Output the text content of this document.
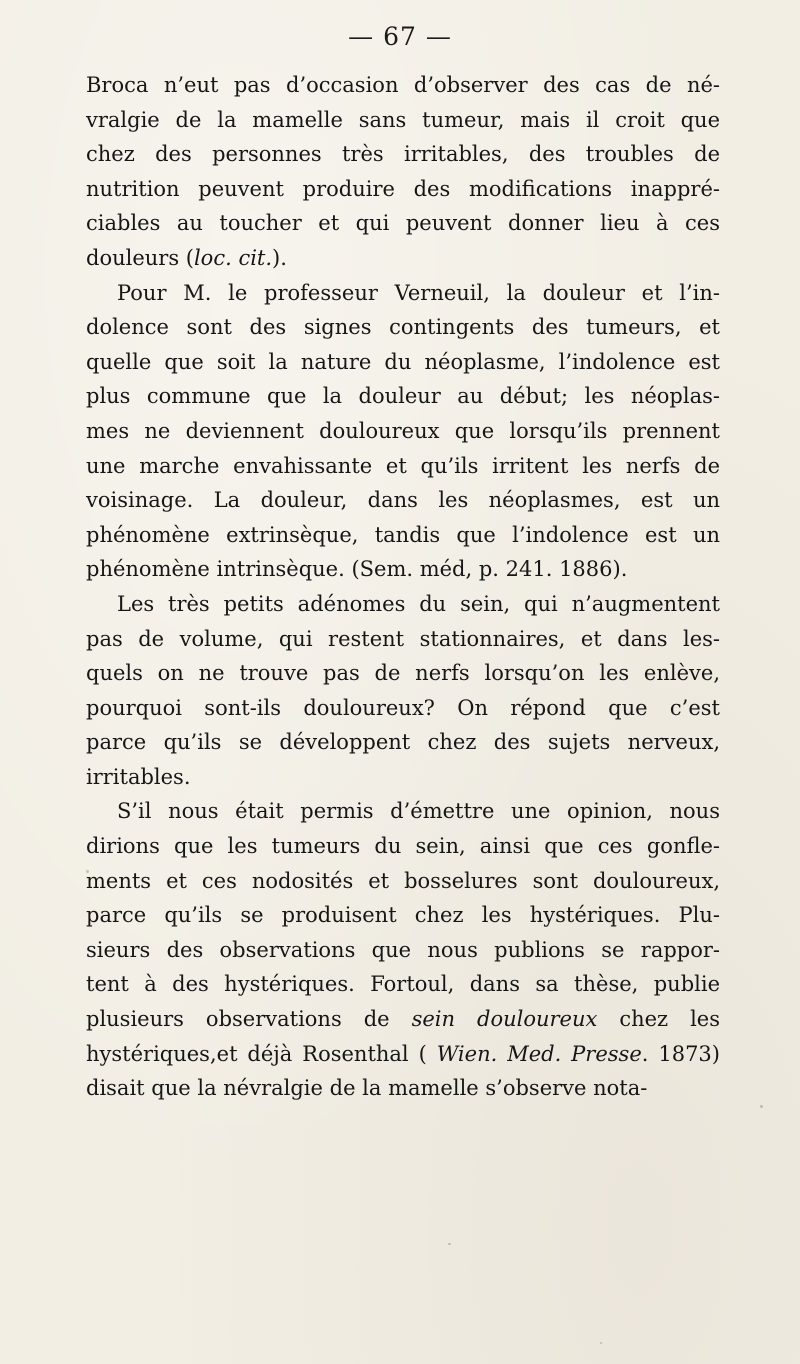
— 67 —
Broca n’eut pas d’occasion d’observer des cas de né-
vralgie de la mamelle sans tumeur, mais il croit que
chez des personnes très irritables, des troubles de
nutrition peuvent produire des modifications inappré-
ciables au toucher et qui peuvent donner lieu à ces
douleurs (loc. cit.).
Pour M. le professeur Verneuil, la douleur et l’in-
dolence sont des signes contingents des tumeurs, et
quelle que soit la nature du néoplasme, l’indolence est
plus commune que la douleur au début; les néoplas-
mes ne deviennent douloureux que lorsqu’ils prennent
une marche envahissante et qu’ils irritent les nerfs de
voisinage. La douleur, dans les néoplasmes, est un
phénomène extrinsèque, tandis que l’indolence est un
phénomène intrinsèque. (Sem. méd, p. 241. 1886).
Les très petits adénomes du sein, qui n’augmentent
pas de volume, qui restent stationnaires, et dans les-
quels on ne trouve pas de nerfs lorsqu’on les enlève,
pourquoi sont-ils douloureux? On répond que c’est
parce qu’ils se développent chez des sujets nerveux,
irritables.
S’il nous était permis d’émettre une opinion, nous
dirions que les tumeurs du sein, ainsi que ces gonfle-
ments et ces nodosités et bosselures sont douloureux,
parce qu’ils se produisent chez les hystériques. Plu-
sieurs des observations que nous publions se rappor-
tent à des hystériques. Fortoul, dans sa thèse, publie
plusieurs observations de sein douloureux chez les
hystériques,et déjà Rosenthal ( Wien. Med. Presse. 1873)
disait que la névralgie de la mamelle s’observe nota-
